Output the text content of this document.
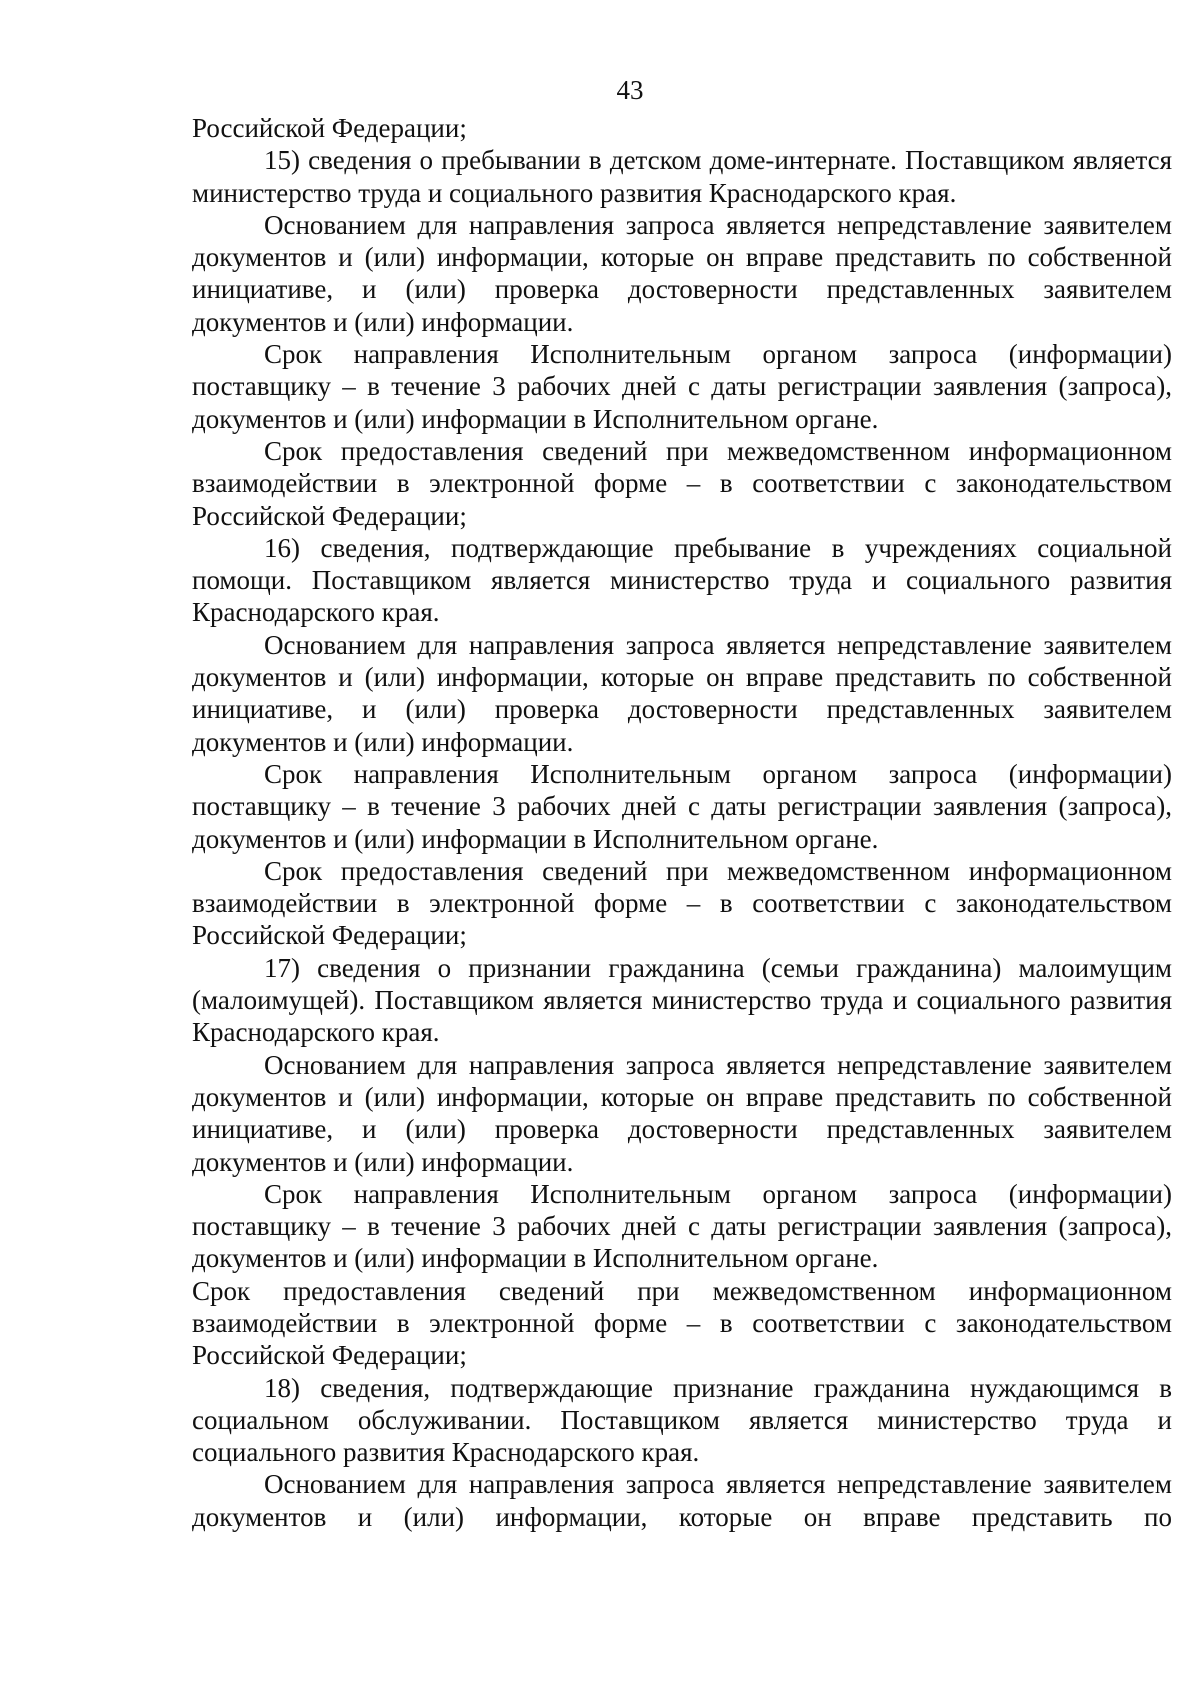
43

Российской Федерации;

15) сведения о пребывании в детском доме-интернате. Поставщиком является министерство труда и социального развития Краснодарского края.

Основанием для направления запроса является непредставление заявителем документов и (или) информации, которые он вправе представить по собственной инициативе, и (или) проверка достоверности представленных заявителем документов и (или) информации.

Срок направления Исполнительным органом запроса (информации) поставщику – в течение 3 рабочих дней с даты регистрации заявления (запроса), документов и (или) информации в Исполнительном органе.

Срок предоставления сведений при межведомственном информационном взаимодействии в электронной форме – в соответствии с законодательством Российской Федерации;

16) сведения, подтверждающие пребывание в учреждениях социальной помощи. Поставщиком является министерство труда и социального развития Краснодарского края.

Основанием для направления запроса является непредставление заявителем документов и (или) информации, которые он вправе представить по собственной инициативе, и (или) проверка достоверности представленных заявителем документов и (или) информации.

Срок направления Исполнительным органом запроса (информации) поставщику – в течение 3 рабочих дней с даты регистрации заявления (запроса), документов и (или) информации в Исполнительном органе.

Срок предоставления сведений при межведомственном информационном взаимодействии в электронной форме – в соответствии с законодательством Российской Федерации;

17) сведения о признании гражданина (семьи гражданина) малоимущим (малоимущей). Поставщиком является министерство труда и социального развития Краснодарского края.

Основанием для направления запроса является непредставление заявителем документов и (или) информации, которые он вправе представить по собственной инициативе, и (или) проверка достоверности представленных заявителем документов и (или) информации.

Срок направления Исполнительным органом запроса (информации) поставщику – в течение 3 рабочих дней с даты регистрации заявления (запроса), документов и (или) информации в Исполнительном органе.

Срок предоставления сведений при межведомственном информационном взаимодействии в электронной форме – в соответствии с законодательством Российской Федерации;

18) сведения, подтверждающие признание гражданина нуждающимся в социальном обслуживании. Поставщиком является министерство труда и социального развития Краснодарского края.

Основанием для направления запроса является непредставление заявителем документов и (или) информации, которые он вправе представить по
